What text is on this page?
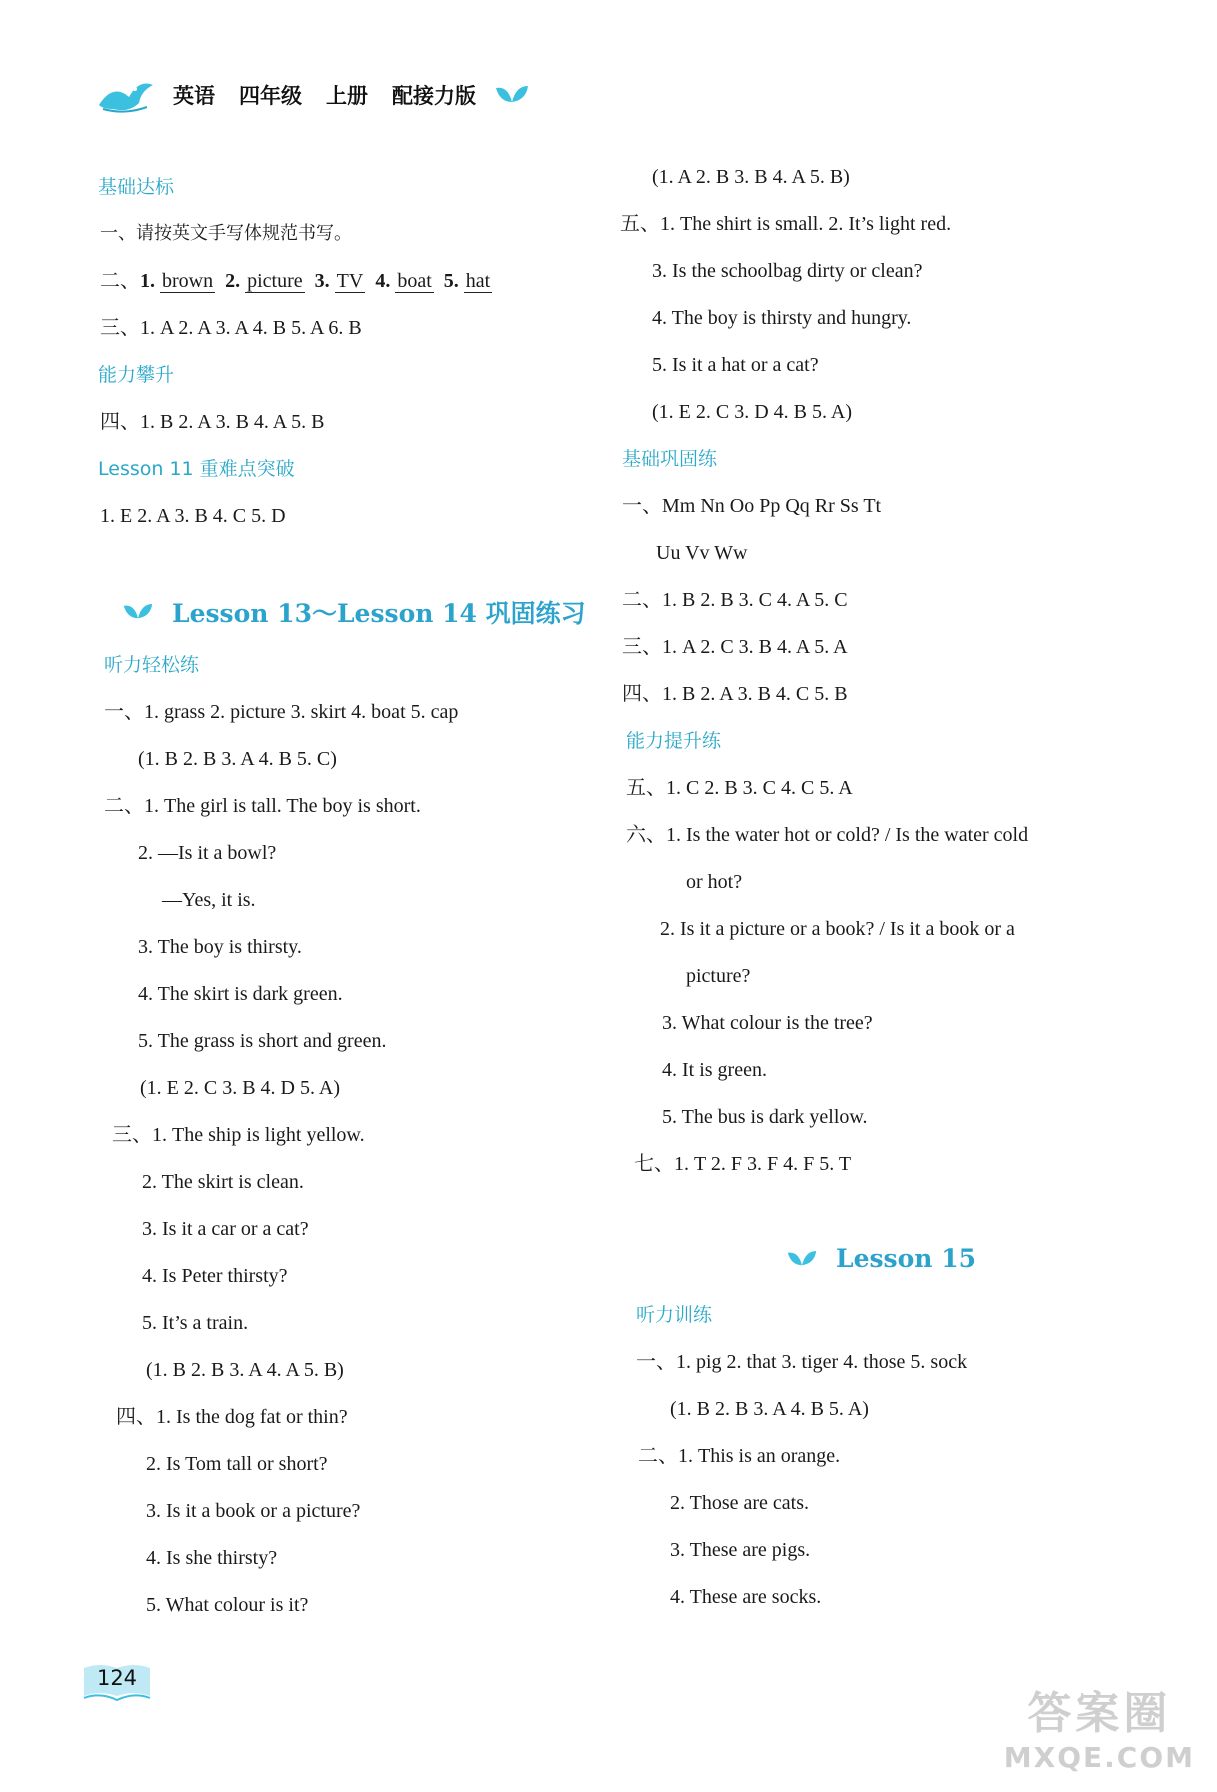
英语 四年级 上册 配接力版
基础达标
一、请按英文手写体规范书写。
二、1. brown 2. picture 3. TV 4. boat 5. hat
三、1. A 2. A 3. A 4. B 5. A 6. B
能力攀升
四、1. B 2. A 3. B 4. A 5. B
Lesson 11 重难点突破
1. E 2. A 3. B 4. C 5. D
Lesson 13～Lesson 14 巩固练习
听力轻松练
一、1. grass 2. picture 3. skirt 4. boat 5. cap
(1. B 2. B 3. A 4. B 5. C)
二、1. The girl is tall. The boy is short.
2. —Is it a bowl?
—Yes, it is.
3. The boy is thirsty.
4. The skirt is dark green.
5. The grass is short and green.
(1. E 2. C 3. B 4. D 5. A)
三、1. The ship is light yellow.
2. The skirt is clean.
3. Is it a car or a cat?
4. Is Peter thirsty?
5. It’s a train.
(1. B 2. B 3. A 4. A 5. B)
四、1. Is the dog fat or thin?
2. Is Tom tall or short?
3. Is it a book or a picture?
4. Is she thirsty?
5. What colour is it?
(1. A 2. B 3. B 4. A 5. B)
五、1. The shirt is small. 2. It’s light red.
3. Is the schoolbag dirty or clean?
4. The boy is thirsty and hungry.
5. Is it a hat or a cat?
(1. E 2. C 3. D 4. B 5. A)
基础巩固练
一、Mm Nn Oo Pp Qq Rr Ss Tt
Uu Vv Ww
二、1. B 2. B 3. C 4. A 5. C
三、1. A 2. C 3. B 4. A 5. A
四、1. B 2. A 3. B 4. C 5. B
能力提升练
五、1. C 2. B 3. C 4. C 5. A
六、1. Is the water hot or cold? / Is the water cold
or hot?
2. Is it a picture or a book? / Is it a book or a
picture?
3. What colour is the tree?
4. It is green.
5. The bus is dark yellow.
七、1. T 2. F 3. F 4. F 5. T
Lesson 15
听力训练
一、1. pig 2. that 3. tiger 4. those 5. sock
(1. B 2. B 3. A 4. B 5. A)
二、1. This is an orange.
2. Those are cats.
3. These are pigs.
4. These are socks.
124
答案圈
MXQE.COM
